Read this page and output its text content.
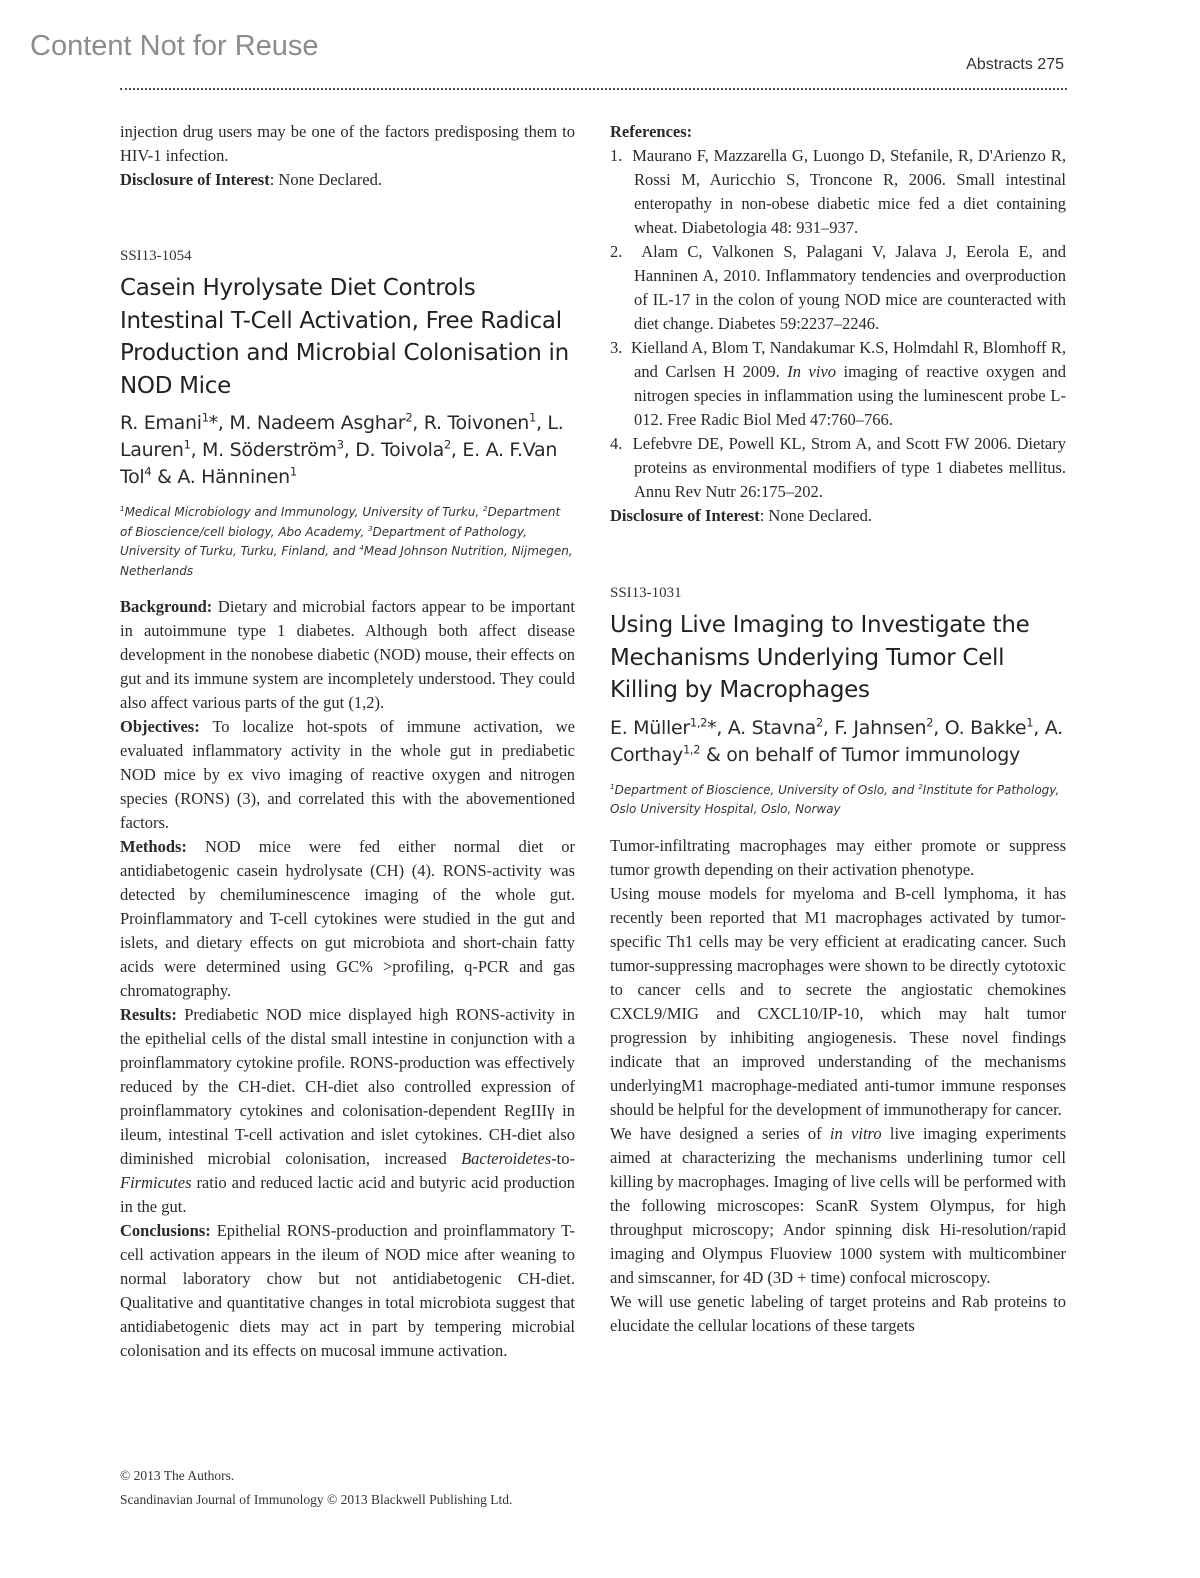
Content Not for Reuse
Abstracts 275

injection drug users may be one of the factors predisposing them to HIV-1 infection.

Disclosure of Interest: None Declared.

SSI13-1054
Casein Hyrolysate Diet Controls Intestinal T-Cell Activation, Free Radical Production and Microbial Colonisation in NOD Mice
R. Emani$^1$*, M. Nadeem Asghar$^2$, R. Toivonen$^1$, L. Lauren$^1$, M. Söderström$^3$, D. Toivola$^2$, E. A. F.Van Tol$^4$ & A. Hänninen$^1$
$^1$Medical Microbiology and Immunology, University of Turku, $^2$Department of Bioscience/cell biology, Abo Academy, $^3$Department of Pathology, University of Turku, Turku, Finland, and $^4$Mead Johnson Nutrition, Nijmegen, Netherlands

Background: Dietary and microbial factors appear to be important in autoimmune type 1 diabetes. Although both affect disease development in the nonobese diabetic (NOD) mouse, their effects on gut and its immune system are incompletely understood. They could also affect various parts of the gut (1,2).

Objectives: To localize hot-spots of immune activation, we evaluated inflammatory activity in the whole gut in prediabetic NOD mice by ex vivo imaging of reactive oxygen and nitrogen species (RONS) (3), and correlated this with the abovementioned factors.

Methods: NOD mice were fed either normal diet or antidiabetogenic casein hydrolysate (CH) (4). RONS-activity was detected by chemiluminescence imaging of the whole gut. Proinflammatory and T-cell cytokines were studied in the gut and islets, and dietary effects on gut microbiota and short-chain fatty acids were determined using GC% >profiling, q-PCR and gas chromatography.

Results: Prediabetic NOD mice displayed high RONS-activity in the epithelial cells of the distal small intestine in conjunction with a proinflammatory cytokine profile. RONS-production was effectively reduced by the CH-diet. CH-diet also controlled expression of proinflammatory cytokines and colonisation-dependent RegIIIγ in ileum, intestinal T-cell activation and islet cytokines. CH-diet also diminished microbial colonisation, increased Bacteroidetes-to-Firmicutes ratio and reduced lactic acid and butyric acid production in the gut.

Conclusions: Epithelial RONS-production and proinflammatory T-cell activation appears in the ileum of NOD mice after weaning to normal laboratory chow but not antidiabetogenic CH-diet. Qualitative and quantitative changes in total microbiota suggest that antidiabetogenic diets may act in part by tempering microbial colonisation and its effects on mucosal immune activation.

References:

1. Maurano F, Mazzarella G, Luongo D, Stefanile, R, D'Arienzo R, Rossi M, Auricchio S, Troncone R, 2006. Small intestinal enteropathy in non-obese diabetic mice fed a diet containing wheat. Diabetologia 48: 931–937.

2. Alam C, Valkonen S, Palagani V, Jalava J, Eerola E, and Hanninen A, 2010. Inflammatory tendencies and overproduction of IL-17 in the colon of young NOD mice are counteracted with diet change. Diabetes 59:2237–2246.

3. Kielland A, Blom T, Nandakumar K.S, Holmdahl R, Blomhoff R, and Carlsen H 2009. In vivo imaging of reactive oxygen and nitrogen species in inflammation using the luminescent probe L-012. Free Radic Biol Med 47:760–766.

4. Lefebvre DE, Powell KL, Strom A, and Scott FW 2006. Dietary proteins as environmental modifiers of type 1 diabetes mellitus. Annu Rev Nutr 26:175–202.

Disclosure of Interest: None Declared.

SSI13-1031
Using Live Imaging to Investigate the Mechanisms Underlying Tumor Cell Killing by Macrophages
E. Müller$^{1,2}$*, A. Stavna$^2$, F. Jahnsen$^2$, O. Bakke$^1$, A. Corthay$^{1,2}$ & on behalf of Tumor immunology
$^1$Department of Bioscience, University of Oslo, and $^2$Institute for Pathology, Oslo University Hospital, Oslo, Norway

Tumor-infiltrating macrophages may either promote or suppress tumor growth depending on their activation phenotype.

Using mouse models for myeloma and B-cell lymphoma, it has recently been reported that M1 macrophages activated by tumor-specific Th1 cells may be very efficient at eradicating cancer. Such tumor-suppressing macrophages were shown to be directly cytotoxic to cancer cells and to secrete the angiostatic chemokines CXCL9/MIG and CXCL10/IP-10, which may halt tumor progression by inhibiting angiogenesis. These novel findings indicate that an improved understanding of the mechanisms underlyingM1 macrophage-mediated anti-tumor immune responses should be helpful for the development of immunotherapy for cancer.

We have designed a series of in vitro live imaging experiments aimed at characterizing the mechanisms underlining tumor cell killing by macrophages. Imaging of live cells will be performed with the following microscopes: ScanR System Olympus, for high throughput microscopy; Andor spinning disk Hi-resolution/rapid imaging and Olympus Fluoview 1000 system with multicombiner and simscanner, for 4D (3D + time) confocal microscopy.

We will use genetic labeling of target proteins and Rab proteins to elucidate the cellular locations of these targets

© 2013 The Authors.
Scandinavian Journal of Immunology © 2013 Blackwell Publishing Ltd.
